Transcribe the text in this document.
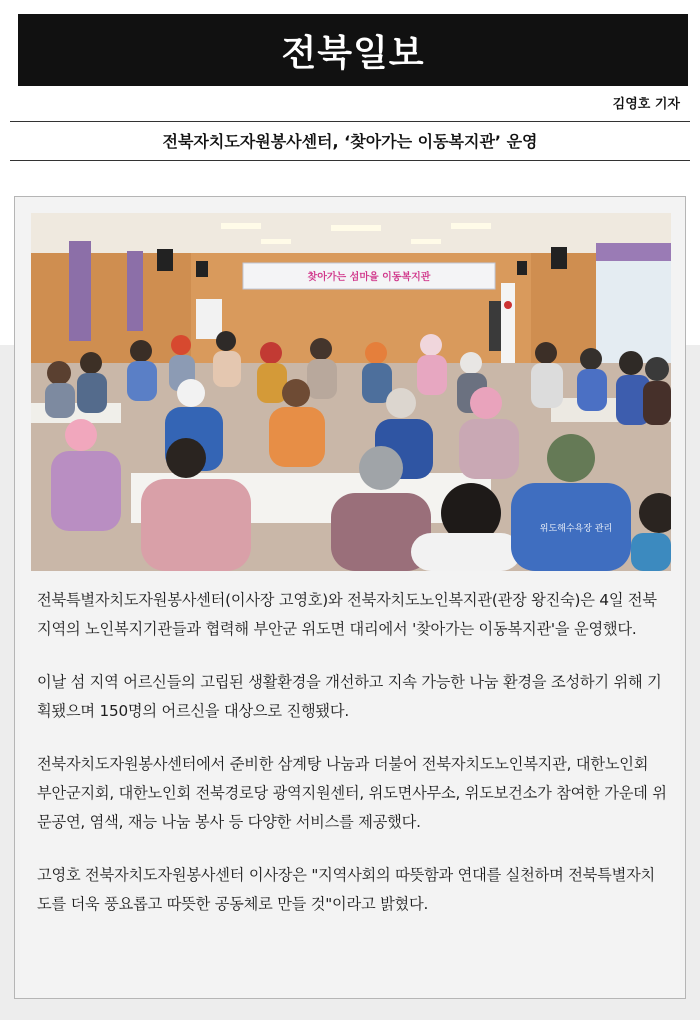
전북일보
김영호 기자
전북자치도자원봉사센터, ‘찾아가는 이동복지관’ 운영
찾아가는 섬마을 이동복지관
위도해수욕장 관리

전북특별자치도자원봉사센터(이사장 고영호)와 전북자치도노인복지관(관장 왕진숙)은 4일 전북지역의 노인복지기관들과 협력해 부안군 위도면 대리에서 '찾아가는 이동복지관'을 운영했다.

이날 섬 지역 어르신들의 고립된 생활환경을 개선하고 지속 가능한 나눔 환경을 조성하기 위해 기획됐으며 150명의 어르신을 대상으로 진행됐다.

전북자치도자원봉사센터에서 준비한 삼계탕 나눔과 더불어 전북자치도노인복지관, 대한노인회 부안군지회, 대한노인회 전북경로당 광역지원센터, 위도면사무소, 위도보건소가 참여한 가운데 위문공연, 염색, 재능 나눔 봉사 등 다양한 서비스를 제공했다.

고영호 전북자치도자원봉사센터 이사장은 "지역사회의 따뜻함과 연대를 실천하며 전북특별자치도를 더욱 풍요롭고 따뜻한 공동체로 만들 것"이라고 밝혔다.
